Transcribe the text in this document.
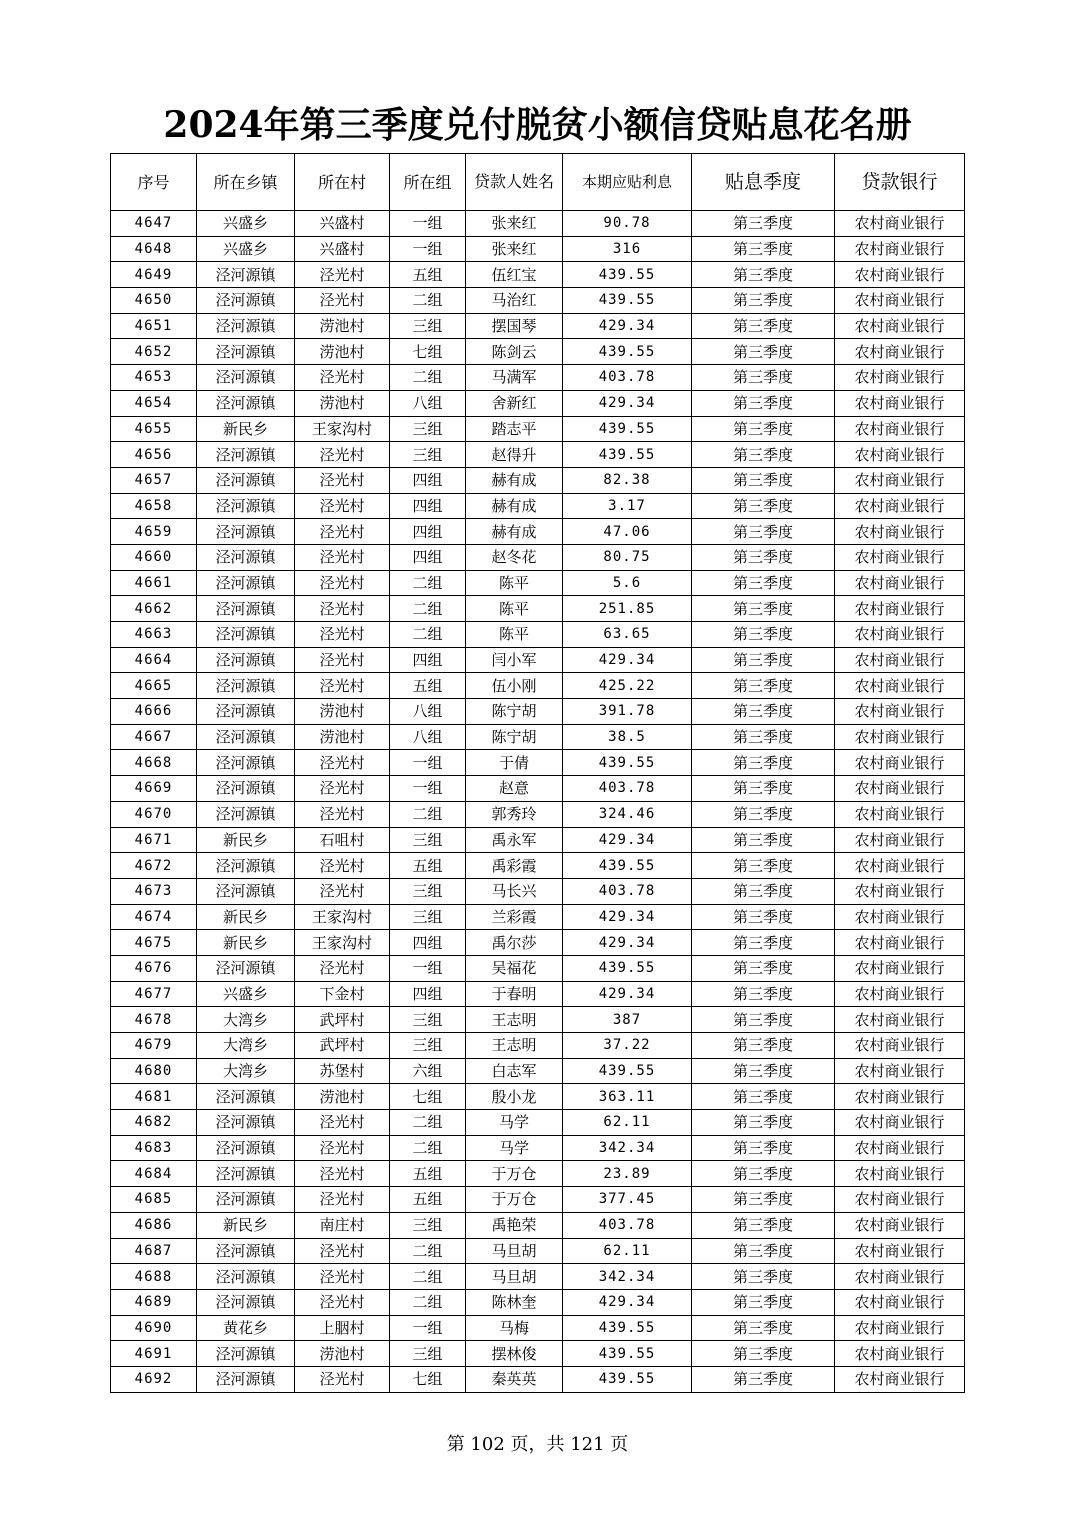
2024年第三季度兑付脱贫小额信贷贴息花名册
序号	所在乡镇	所在村	所在组	贷款人姓名	本期应贴利息	贴息季度	贷款银行
4647	兴盛乡	兴盛村	一组	张来红	90.78	第三季度	农村商业银行
4648	兴盛乡	兴盛村	一组	张来红	316	第三季度	农村商业银行
4649	泾河源镇	泾光村	五组	伍红宝	439.55	第三季度	农村商业银行
4650	泾河源镇	泾光村	二组	马治红	439.55	第三季度	农村商业银行
4651	泾河源镇	涝池村	三组	摆国琴	429.34	第三季度	农村商业银行
4652	泾河源镇	涝池村	七组	陈剑云	439.55	第三季度	农村商业银行
4653	泾河源镇	泾光村	二组	马满军	403.78	第三季度	农村商业银行
4654	泾河源镇	涝池村	八组	舍新红	429.34	第三季度	农村商业银行
4655	新民乡	王家沟村	三组	踏志平	439.55	第三季度	农村商业银行
4656	泾河源镇	泾光村	三组	赵得升	439.55	第三季度	农村商业银行
4657	泾河源镇	泾光村	四组	赫有成	82.38	第三季度	农村商业银行
4658	泾河源镇	泾光村	四组	赫有成	3.17	第三季度	农村商业银行
4659	泾河源镇	泾光村	四组	赫有成	47.06	第三季度	农村商业银行
4660	泾河源镇	泾光村	四组	赵冬花	80.75	第三季度	农村商业银行
4661	泾河源镇	泾光村	二组	陈平	5.6	第三季度	农村商业银行
4662	泾河源镇	泾光村	二组	陈平	251.85	第三季度	农村商业银行
4663	泾河源镇	泾光村	二组	陈平	63.65	第三季度	农村商业银行
4664	泾河源镇	泾光村	四组	闫小军	429.34	第三季度	农村商业银行
4665	泾河源镇	泾光村	五组	伍小刚	425.22	第三季度	农村商业银行
4666	泾河源镇	涝池村	八组	陈宁胡	391.78	第三季度	农村商业银行
4667	泾河源镇	涝池村	八组	陈宁胡	38.5	第三季度	农村商业银行
4668	泾河源镇	泾光村	一组	于倩	439.55	第三季度	农村商业银行
4669	泾河源镇	泾光村	一组	赵意	403.78	第三季度	农村商业银行
4670	泾河源镇	泾光村	二组	郭秀玲	324.46	第三季度	农村商业银行
4671	新民乡	石咀村	三组	禹永军	429.34	第三季度	农村商业银行
4672	泾河源镇	泾光村	五组	禹彩霞	439.55	第三季度	农村商业银行
4673	泾河源镇	泾光村	三组	马长兴	403.78	第三季度	农村商业银行
4674	新民乡	王家沟村	三组	兰彩霞	429.34	第三季度	农村商业银行
4675	新民乡	王家沟村	四组	禹尔莎	429.34	第三季度	农村商业银行
4676	泾河源镇	泾光村	一组	吴福花	439.55	第三季度	农村商业银行
4677	兴盛乡	下金村	四组	于春明	429.34	第三季度	农村商业银行
4678	大湾乡	武坪村	三组	王志明	387	第三季度	农村商业银行
4679	大湾乡	武坪村	三组	王志明	37.22	第三季度	农村商业银行
4680	大湾乡	苏堡村	六组	白志军	439.55	第三季度	农村商业银行
4681	泾河源镇	涝池村	七组	殷小龙	363.11	第三季度	农村商业银行
4682	泾河源镇	泾光村	二组	马学	62.11	第三季度	农村商业银行
4683	泾河源镇	泾光村	二组	马学	342.34	第三季度	农村商业银行
4684	泾河源镇	泾光村	五组	于万仓	23.89	第三季度	农村商业银行
4685	泾河源镇	泾光村	五组	于万仓	377.45	第三季度	农村商业银行
4686	新民乡	南庄村	三组	禹艳荣	403.78	第三季度	农村商业银行
4687	泾河源镇	泾光村	二组	马旦胡	62.11	第三季度	农村商业银行
4688	泾河源镇	泾光村	二组	马旦胡	342.34	第三季度	农村商业银行
4689	泾河源镇	泾光村	二组	陈林奎	429.34	第三季度	农村商业银行
4690	黄花乡	上胭村	一组	马梅	439.55	第三季度	农村商业银行
4691	泾河源镇	涝池村	三组	摆林俊	439.55	第三季度	农村商业银行
4692	泾河源镇	泾光村	七组	秦英英	439.55	第三季度	农村商业银行
第 102 页，共 121 页
